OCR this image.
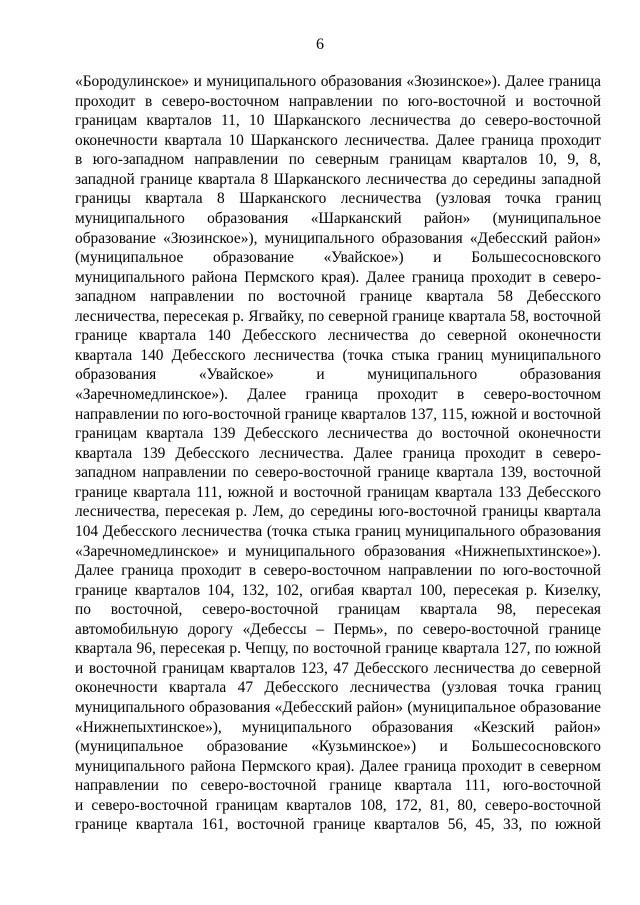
6
«Бородулинское» и муниципального образования «Зюзинское»). Далее граница
проходит в северо-восточном направлении по юго-восточной и восточной
границам кварталов 11, 10 Шарканского лесничества до северо-восточной
оконечности квартала 10 Шарканского лесничества. Далее граница проходит
в юго-западном направлении по северным границам кварталов 10, 9, 8,
западной границе квартала 8 Шарканского лесничества до середины западной
границы квартала 8 Шарканского лесничества (узловая точка границ
муниципального образования «Шарканский район» (муниципальное
образование «Зюзинское»), муниципального образования «Дебесский район»
(муниципальное образование «Увайское») и Большесосновского
муниципального района Пермского края). Далее граница проходит в северо-
западном направлении по восточной границе квартала 58 Дебесского
лесничества, пересекая р. Ягвайку, по северной границе квартала 58, восточной
границе квартала 140 Дебесского лесничества до северной оконечности
квартала 140 Дебесского лесничества (точка стыка границ муниципального
образования «Увайское» и муниципального образования
«Заречномедлинское»). Далее граница проходит в северо-восточном
направлении по юго-восточной границе кварталов 137, 115, южной и восточной
границам квартала 139 Дебесского лесничества до восточной оконечности
квартала 139 Дебесского лесничества. Далее граница проходит в северо-
западном направлении по северо-восточной границе квартала 139, восточной
границе квартала 111, южной и восточной границам квартала 133 Дебесского
лесничества, пересекая р. Лем, до середины юго-восточной границы квартала
104 Дебесского лесничества (точка стыка границ муниципального образования
«Заречномедлинское» и муниципального образования «Нижнепыхтинское»).
Далее граница проходит в северо-восточном направлении по юго-восточной
границе кварталов 104, 132, 102, огибая квартал 100, пересекая р. Кизелку,
по восточной, северо-восточной границам квартала 98, пересекая
автомобильную дорогу «Дебессы – Пермь», по северо-восточной границе
квартала 96, пересекая р. Чепцу, по восточной границе квартала 127, по южной
и восточной границам кварталов 123, 47 Дебесского лесничества до северной
оконечности квартала 47 Дебесского лесничества (узловая точка границ
муниципального образования «Дебесский район» (муниципальное образование
«Нижнепыхтинское»), муниципального образования «Кезский район»
(муниципальное образование «Кузьминское») и Большесосновского
муниципального района Пермского края). Далее граница проходит в северном
направлении по северо-восточной границе квартала 111, юго-восточной
и северо-восточной границам кварталов 108, 172, 81, 80, северо-восточной
границе квартала 161, восточной границе кварталов 56, 45, 33, по южной
